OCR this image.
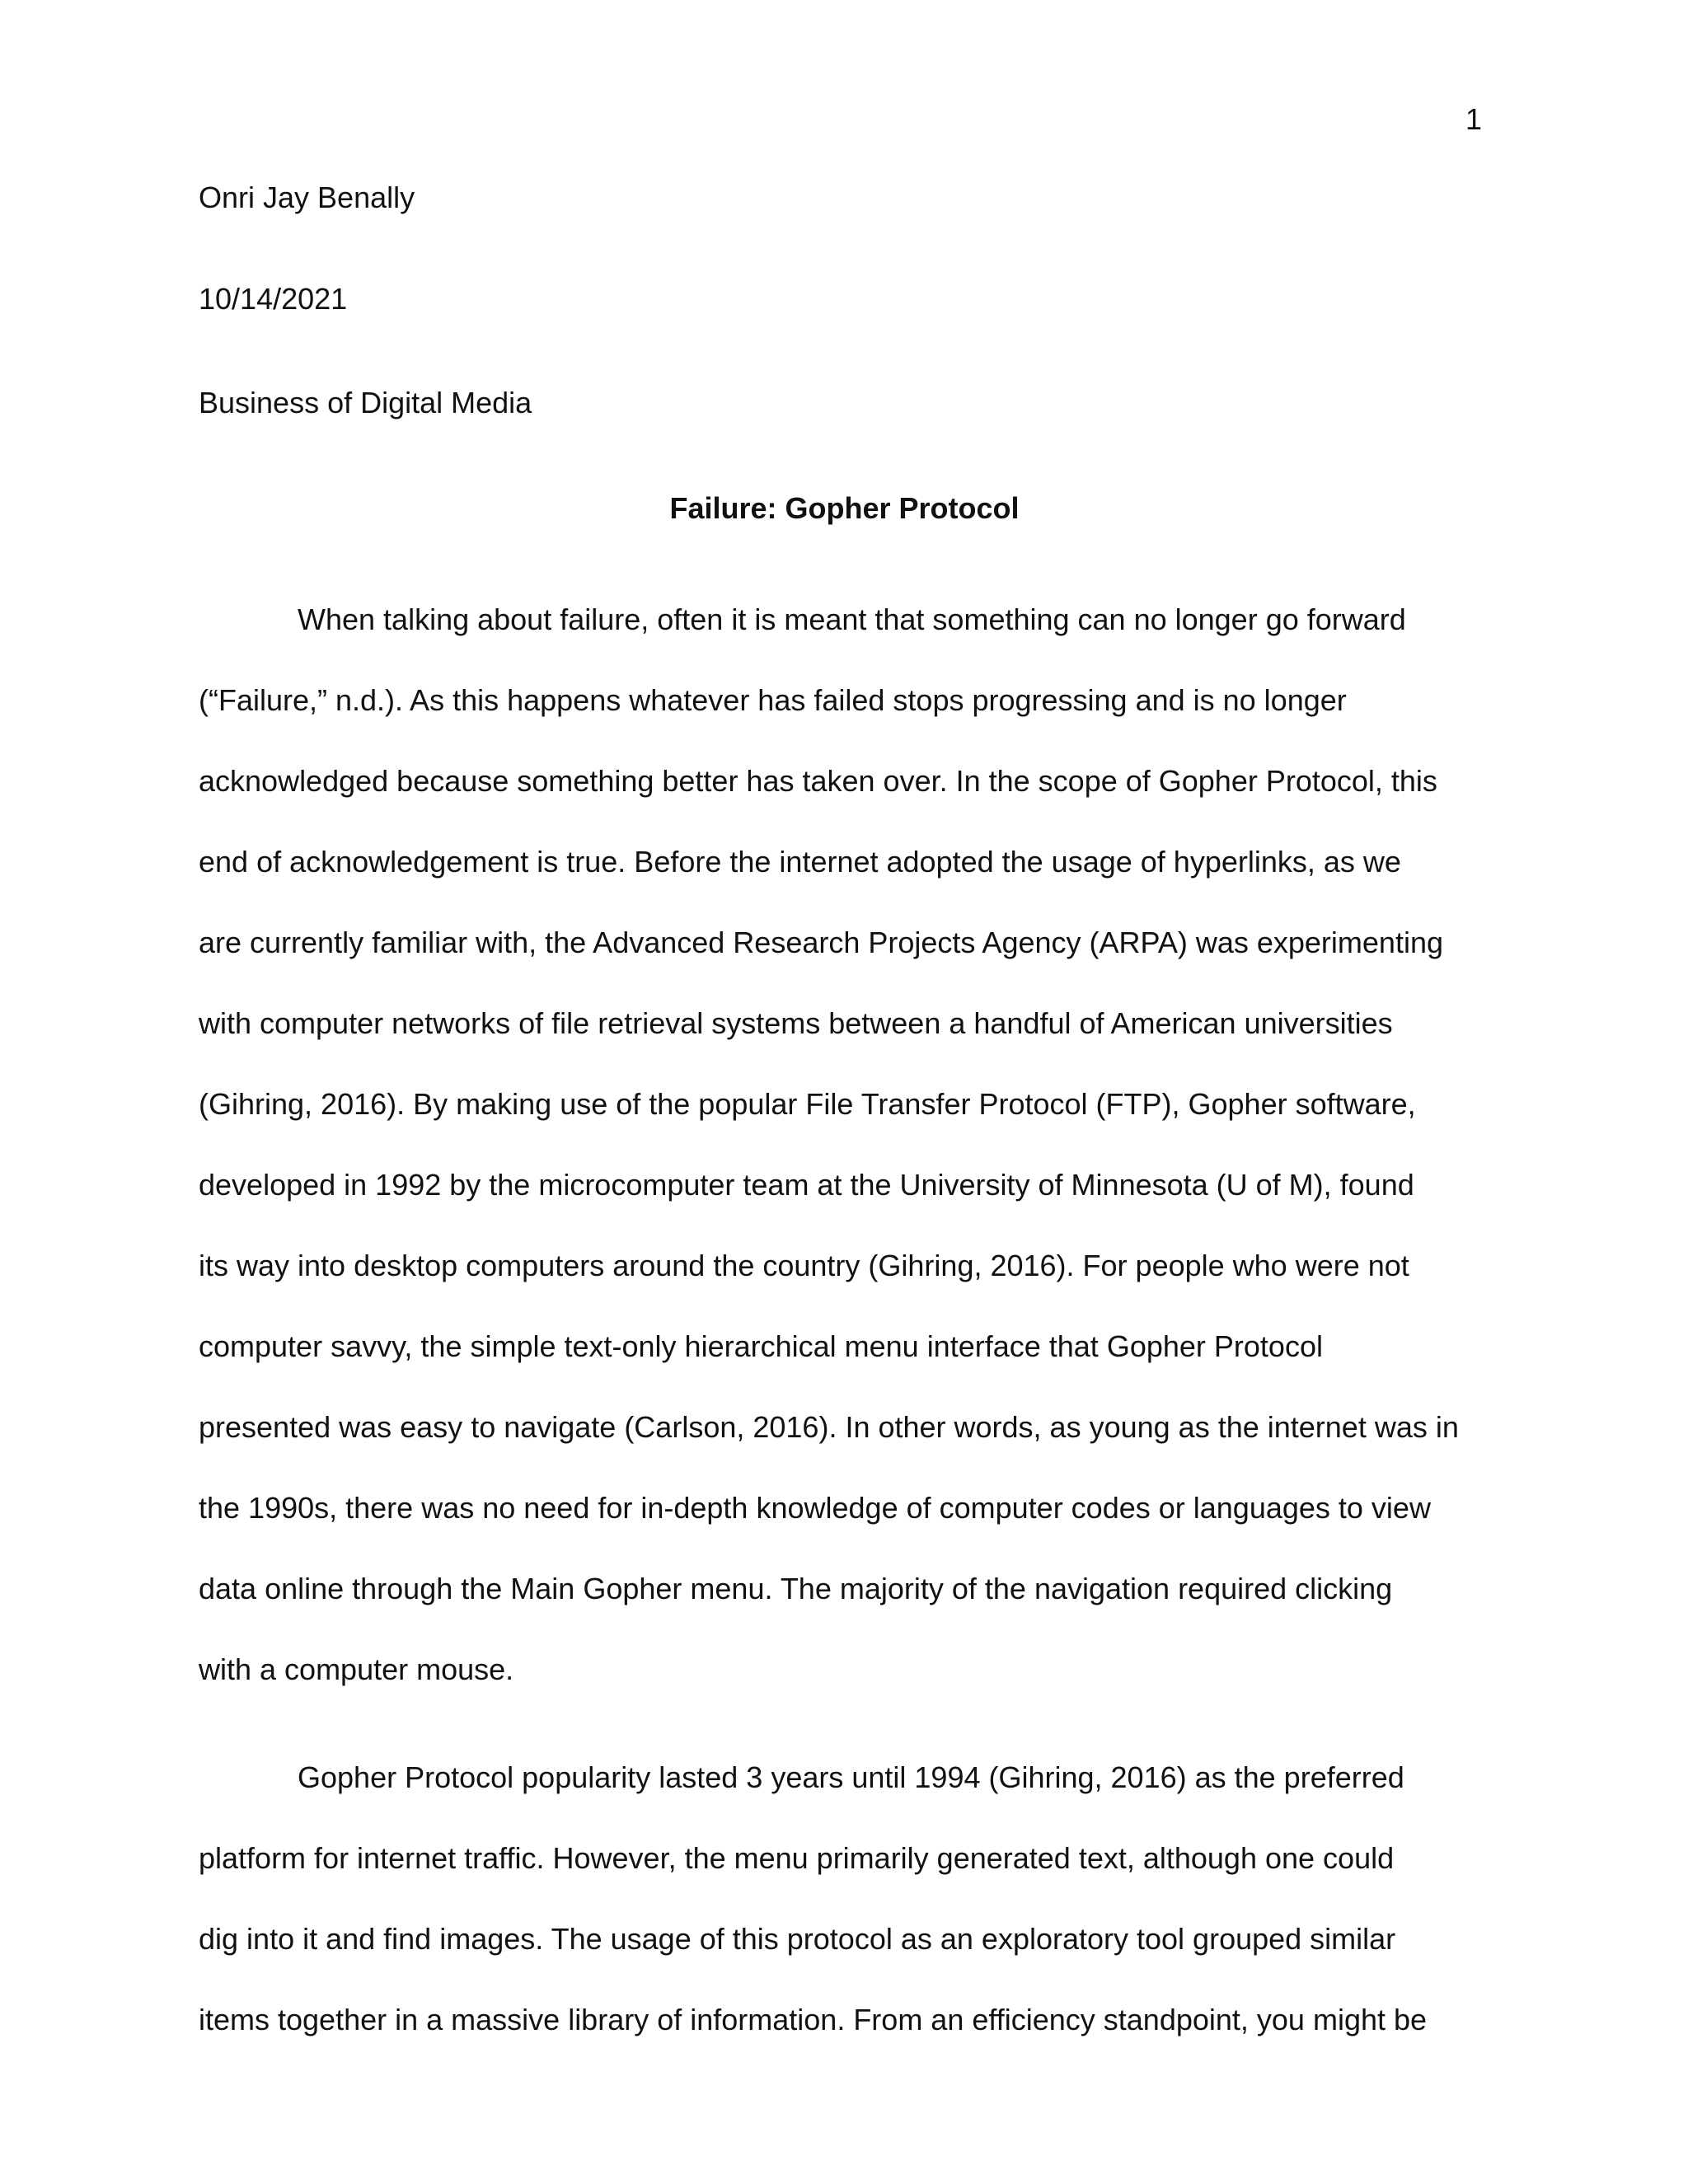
1
Onri Jay Benally
10/14/2021
Business of Digital Media
Failure: Gopher Protocol
When talking about failure, often it is meant that something can no longer go forward
(“Failure,” n.d.). As this happens whatever has failed stops progressing and is no longer
acknowledged because something better has taken over. In the scope of Gopher Protocol, this
end of acknowledgement is true. Before the internet adopted the usage of hyperlinks, as we
are currently familiar with, the Advanced Research Projects Agency (ARPA) was experimenting
with computer networks of file retrieval systems between a handful of American universities
(Gihring, 2016). By making use of the popular File Transfer Protocol (FTP), Gopher software,
developed in 1992 by the microcomputer team at the University of Minnesota (U of M), found
its way into desktop computers around the country (Gihring, 2016). For people who were not
computer savvy, the simple text-only hierarchical menu interface that Gopher Protocol
presented was easy to navigate (Carlson, 2016). In other words, as young as the internet was in
the 1990s, there was no need for in-depth knowledge of computer codes or languages to view
data online through the Main Gopher menu. The majority of the navigation required clicking
with a computer mouse.
Gopher Protocol popularity lasted 3 years until 1994 (Gihring, 2016) as the preferred
platform for internet traffic. However, the menu primarily generated text, although one could
dig into it and find images. The usage of this protocol as an exploratory tool grouped similar
items together in a massive library of information. From an efficiency standpoint, you might be
